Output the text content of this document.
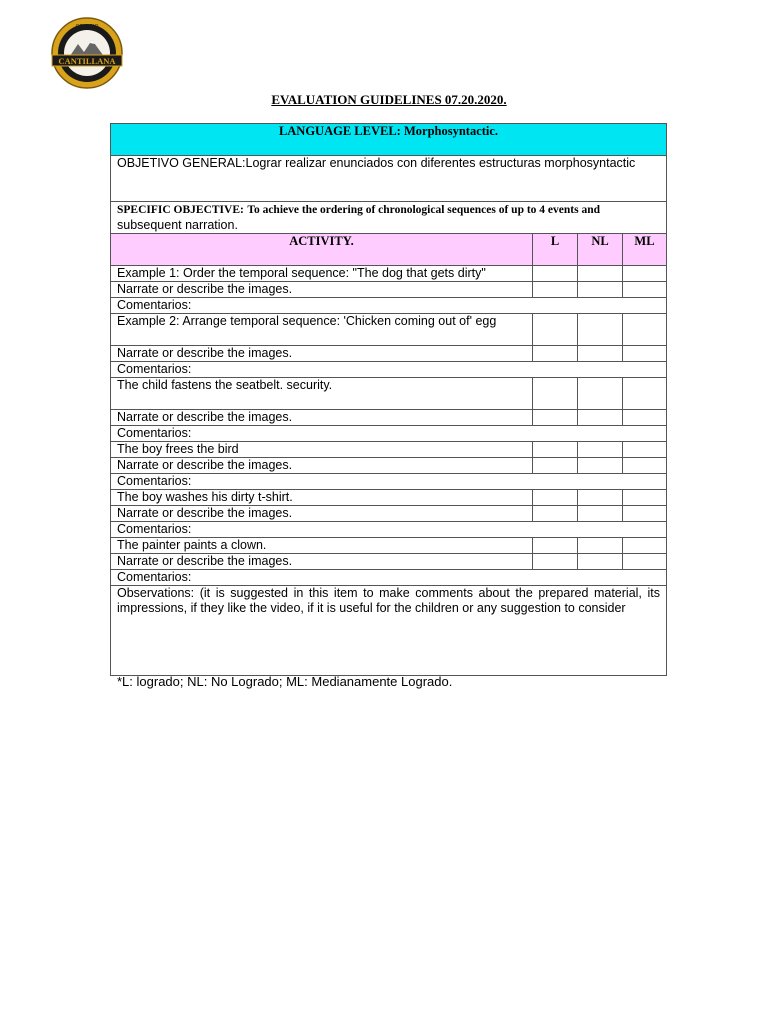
CANTILLANA
COLEGIO
EVALUATION GUIDELINES 07.20.2020.
LANGUAGE LEVEL: Morphosyntactic.			
OBJETIVO GENERAL:Lograr realizar enunciados con diferentes estructuras morphosyntactic			
SPECIFIC OBJECTIVE: To achieve the ordering of chronological sequences of up to 4 events and
subsequent narration.			
ACTIVITY.	L	NL	ML
Example 1: Order the temporal sequence: "The dog that gets dirty"			
Narrate or describe the images.			
Comentarios:			
Example 2: Arrange temporal sequence: 'Chicken coming out of' egg			
Narrate or describe the images.			
Comentarios:			
The child fastens the seatbelt. security.			
Narrate or describe the images.			
Comentarios:			
The boy frees the bird			
Narrate or describe the images.			
Comentarios:			
The boy washes his dirty t-shirt.			
Narrate or describe the images.			
Comentarios:			
The painter paints a clown.			
Narrate or describe the images.			
Comentarios:			
Observations: (it is suggested in this item to make comments about the prepared material, its impressions, if they like the video, if it is useful for the children or any suggestion to consider			
*L: logrado; NL: No Logrado; ML: Medianamente Logrado.
